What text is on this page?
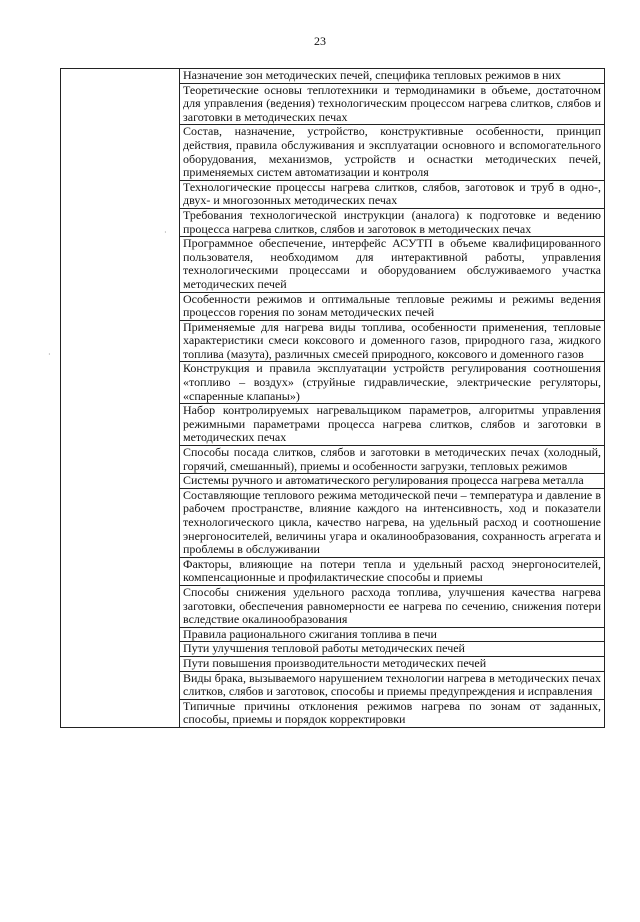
23
	Назначение зон методических печей, специфика тепловых режимов в них
Теоретические основы теплотехники и термодинамики в объеме, достаточном для управления (ведения) технологическим процессом нагрева слитков, слябов и заготовки в методических печах
Состав, назначение, устройство, конструктивные особенности, принцип действия, правила обслуживания и эксплуатации основного и вспомогательного оборудования, механизмов, устройств и оснастки методических печей, применяемых систем автоматизации и контроля
Технологические процессы нагрева слитков, слябов, заготовок и труб в одно-, двух- и многозонных методических печах
Требования технологической инструкции (аналога) к подготовке и ведению процесса нагрева слитков, слябов и заготовок в методических печах
Программное обеспечение, интерфейс АСУТП в объеме квалифицированного пользователя, необходимом для интерактивной работы, управления технологическими процессами и оборудованием обслуживаемого участка методических печей
Особенности режимов и оптимальные тепловые режимы и режимы ведения процессов горения по зонам методических печей
Применяемые для нагрева виды топлива, особенности применения, тепловые характеристики смеси коксового и доменного газов, природного газа, жидкого топлива (мазута), различных смесей природного, коксового и доменного газов
Конструкция и правила эксплуатации устройств регулирования соотношения «топливо – воздух» (струйные гидравлические, электрические регуляторы, «спаренные клапаны»)
Набор контролируемых нагревальщиком параметров, алгоритмы управления режимными параметрами процесса нагрева слитков, слябов и заготовки в методических печах
Способы посада слитков, слябов и заготовки в методических печах (холодный, горячий, смешанный), приемы и особенности загрузки, тепловых режимов
Системы ручного и автоматического регулирования процесса нагрева металла
Составляющие теплового режима методической печи – температура и давление в рабочем пространстве, влияние каждого на интенсивность, ход и показатели технологического цикла, качество нагрева, на удельный расход и соотношение энергоносителей, величины угара и окалинообразования, сохранность агрегата и проблемы в обслуживании
Факторы, влияющие на потери тепла и удельный расход энергоносителей, компенсационные и профилактические способы и приемы
Способы снижения удельного расхода топлива, улучшения качества нагрева заготовки, обеспечения равномерности ее нагрева по сечению, снижения потери вследствие окалинообразования
Правила рационального сжигания топлива в печи
Пути улучшения тепловой работы методических печей
Пути повышения производительности методических печей
Виды брака, вызываемого нарушением технологии нагрева в методических печах слитков, слябов и заготовок, способы и приемы предупреждения и исправления
Типичные причины отклонения режимов нагрева по зонам от заданных, способы, приемы и порядок корректировки
·
·
